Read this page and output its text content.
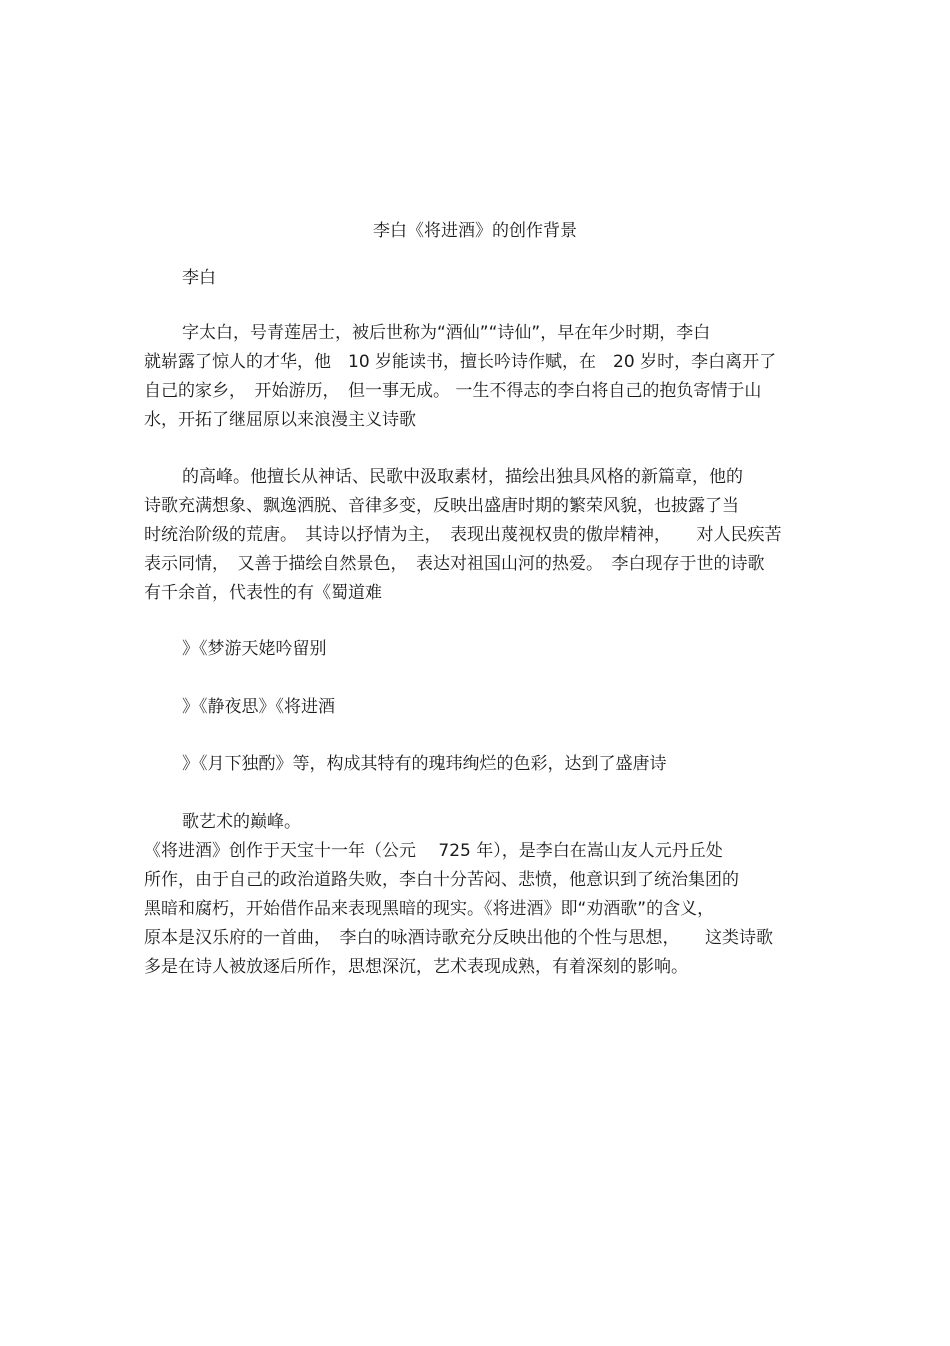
李白《将进酒》的创作背景
李白
字太白，号青莲居士，被后世称为“酒仙”“诗仙”，早在年少时期，李白
就崭露了惊人的才华，他　10 岁能读书，擅长吟诗作赋，在　20 岁时，李白离开了
自己的家乡，　开始游历，　但一事无成。 一生不得志的李白将自己的抱负寄情于山
水，开拓了继屈原以来浪漫主义诗歌
的高峰。他擅长从神话、民歌中汲取素材，描绘出独具风格的新篇章，他的
诗歌充满想象、飘逸洒脱、音律多变，反映出盛唐时期的繁荣风貌，也披露了当
时统治阶级的荒唐。　其诗以抒情为主，　表现出蔑视权贵的傲岸精神，　　对人民疾苦
表示同情，　又善于描绘自然景色，　表达对祖国山河的热爱。　李白现存于世的诗歌
有千余首，代表性的有《蜀道难
》《梦游天姥吟留别
》《静夜思》《将进酒
》《月下独酌》等，构成其特有的瑰玮绚烂的色彩，达到了盛唐诗
歌艺术的巅峰。
《将进酒》创作于天宝十一年（公元　 725 年），是李白在嵩山友人元丹丘处
所作，由于自己的政治道路失败，李白十分苦闷、悲愤，他意识到了统治集团的
黑暗和腐朽，开始借作品来表现黑暗的现实。《将进酒》即“劝酒歌”的含义，
原本是汉乐府的一首曲，　李白的咏酒诗歌充分反映出他的个性与思想，　　这类诗歌
多是在诗人被放逐后所作，思想深沉，艺术表现成熟，有着深刻的影响。
